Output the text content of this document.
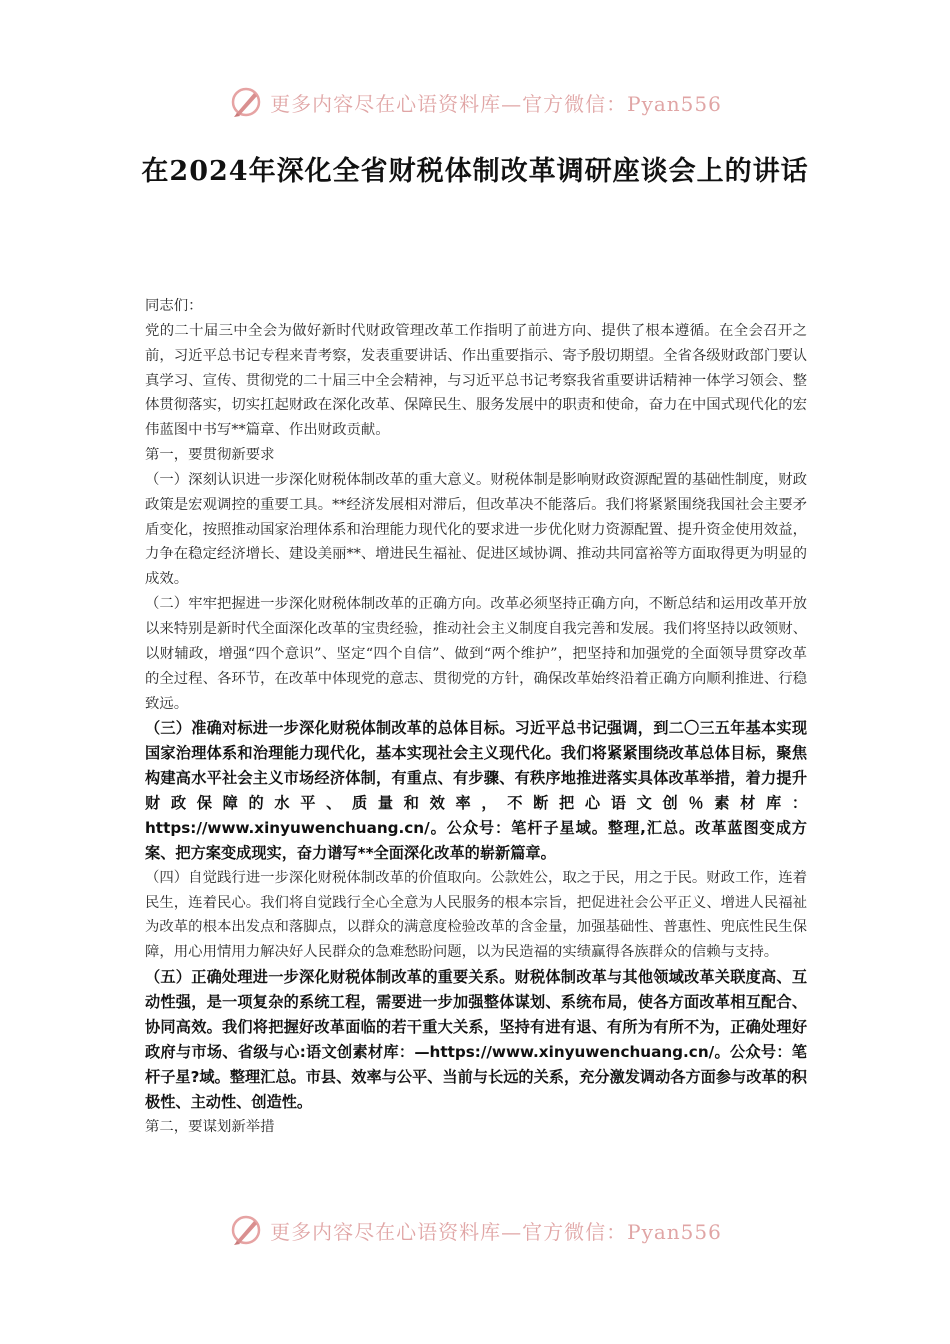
更多内容尽在心语资料库—官方微信：Pyan556
在2024年深化全省财税体制改革调研座谈会上的讲话

同志们：

党的二十届三中全会为做好新时代财政管理改革工作指明了前进方向、提供了根本遵循。在全会召开之前，习近平总书记专程来青考察，发表重要讲话、作出重要指示、寄予殷切期望。全省各级财政部门要认真学习、宣传、贯彻党的二十届三中全会精神，与习近平总书记考察我省重要讲话精神一体学习领会、整体贯彻落实，切实扛起财政在深化改革、保障民生、服务发展中的职责和使命，奋力在中国式现代化的宏伟蓝图中书写**篇章、作出财政贡献。

第一，要贯彻新要求

（一）深刻认识进一步深化财税体制改革的重大意义。财税体制是影响财政资源配置的基础性制度，财政政策是宏观调控的重要工具。**经济发展相对滞后，但改革决不能落后。我们将紧紧围绕我国社会主要矛盾变化，按照推动国家治理体系和治理能力现代化的要求进一步优化财力资源配置、提升资金使用效益，力争在稳定经济增长、建设美丽**、增进民生福祉、促进区域协调、推动共同富裕等方面取得更为明显的成效。

（二）牢牢把握进一步深化财税体制改革的正确方向。改革必须坚持正确方向，不断总结和运用改革开放以来特别是新时代全面深化改革的宝贵经验，推动社会主义制度自我完善和发展。我们将坚持以政领财、以财辅政，增强“四个意识”、坚定“四个自信”、做到“两个维护”，把坚持和加强党的全面领导贯穿改革的全过程、各环节，在改革中体现党的意志、贯彻党的方针，确保改革始终沿着正确方向顺利推进、行稳致远。

（三）准确对标进一步深化财税体制改革的总体目标。习近平总书记强调，到二〇三五年基本实现国家治理体系和治理能力现代化，基本实现社会主义现代化。我们将紧紧围绕改革总体目标，聚焦构建高水平社会主义市场经济体制，有重点、有步骤、有秩序地推进落实具体改革举措，着力提升财政保障的水平、质量和效率，不断把心语文创％素材库：https://www.xinyuwenchuang.cn/。公众号：笔杆子星域。整理,汇总。改革蓝图变成方案、把方案变成现实，奋力谱写**全面深化改革的崭新篇章。

（四）自觉践行进一步深化财税体制改革的价值取向。公款姓公，取之于民，用之于民。财政工作，连着民生，连着民心。我们将自觉践行全心全意为人民服务的根本宗旨，把促进社会公平正义、增进人民福祉为改革的根本出发点和落脚点，以群众的满意度检验改革的含金量，加强基础性、普惠性、兜底性民生保障，用心用情用力解决好人民群众的急难愁盼问题，以为民造福的实绩赢得各族群众的信赖与支持。

（五）正确处理进一步深化财税体制改革的重要关系。财税体制改革与其他领域改革关联度高、互动性强，是一项复杂的系统工程，需要进一步加强整体谋划、系统布局，使各方面改革相互配合、协同高效。我们将把握好改革面临的若干重大关系，坚持有进有退、有所为有所不为，正确处理好政府与市场、省级与心:语文创素材库：—https://www.xinyuwenchuang.cn/。公众号：笔杆子星?域。整理汇总。市县、效率与公平、当前与长远的关系，充分激发调动各方面参与改革的积极性、主动性、创造性。

第二，要谋划新举措

更多内容尽在心语资料库—官方微信：Pyan556
